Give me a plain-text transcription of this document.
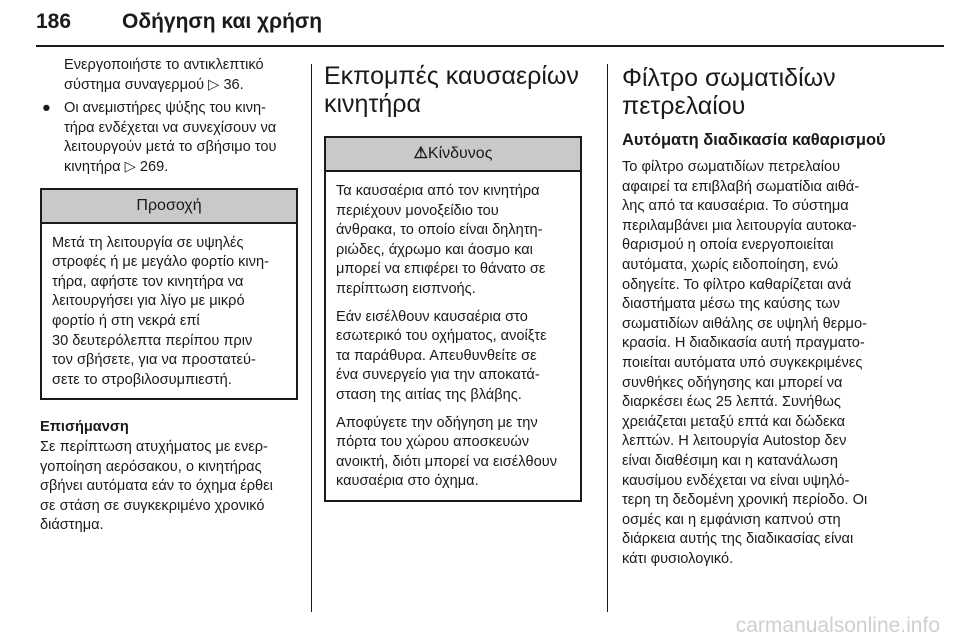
186	Οδήγηση και χρήση

Ενεργοποιήστε το αντικλεπτικό
σύστημα συναγερμού ▷ 36.

● Οι ανεμιστήρες ψύξης του κινη-
τήρα ενδέχεται να συνεχίσουν να
λειτουργούν μετά το σβήσιμο του
κινητήρα ▷ 269.
Προσοχή

Μετά τη λειτουργία σε υψηλές
στροφές ή με μεγάλο φορτίο κινη-
τήρα, αφήστε τον κινητήρα να
λειτουργήσει για λίγο με μικρό
φορτίο ή στη νεκρά επί
30 δευτερόλεπτα περίπου πριν
τον σβήσετε, για να προστατεύ-
σετε το στροβιλοσυμπιεστή.

Επισήμανση

Σε περίπτωση ατυχήματος με ενερ-
γοποίηση αερόσακου, ο κινητήρας
σβήνει αυτόματα εάν το όχημα έρθει
σε στάση σε συγκεκριμένο χρονικό
διάστημα.

Εκπομπές καυσαερίων
κινητήρα
⚠Κίνδυνος

Τα καυσαέρια από τον κινητήρα
περιέχουν μονοξείδιο του
άνθρακα, το οποίο είναι δηλητη-
ριώδες, άχρωμο και άοσμο και
μπορεί να επιφέρει το θάνατο σε
περίπτωση εισπνοής.

Εάν εισέλθουν καυσαέρια στο
εσωτερικό του οχήματος, ανοίξτε
τα παράθυρα. Απευθυνθείτε σε
ένα συνεργείο για την αποκατά-
σταση της αιτίας της βλάβης.

Αποφύγετε την οδήγηση με την
πόρτα του χώρου αποσκευών
ανοικτή, διότι μπορεί να εισέλθουν
καυσαέρια στο όχημα.

Φίλτρο σωματιδίων
πετρελαίου
Αυτόματη διαδικασία καθαρισμού

Το φίλτρο σωματιδίων πετρελαίου
αφαιρεί τα επιβλαβή σωματίδια αιθά-
λης από τα καυσαέρια. Το σύστημα
περιλαμβάνει μια λειτουργία αυτοκα-
θαρισμού η οποία ενεργοποιείται
αυτόματα, χωρίς ειδοποίηση, ενώ
οδηγείτε. Το φίλτρο καθαρίζεται ανά
διαστήματα μέσω της καύσης των
σωματιδίων αιθάλης σε υψηλή θερμο-
κρασία. Η διαδικασία αυτή πραγματο-
ποιείται αυτόματα υπό συγκεκριμένες
συνθήκες οδήγησης και μπορεί να
διαρκέσει έως 25 λεπτά. Συνήθως
χρειάζεται μεταξύ επτά και δώδεκα
λεπτών. Η λειτουργία Autostop δεν
είναι διαθέσιμη και η κατανάλωση
καυσίμου ενδέχεται να είναι υψηλό-
τερη τη δεδομένη χρονική περίοδο. Οι
οσμές και η εμφάνιση καπνού στη
διάρκεια αυτής της διαδικασίας είναι
κάτι φυσιολογικό.

carmanualsonline.info
